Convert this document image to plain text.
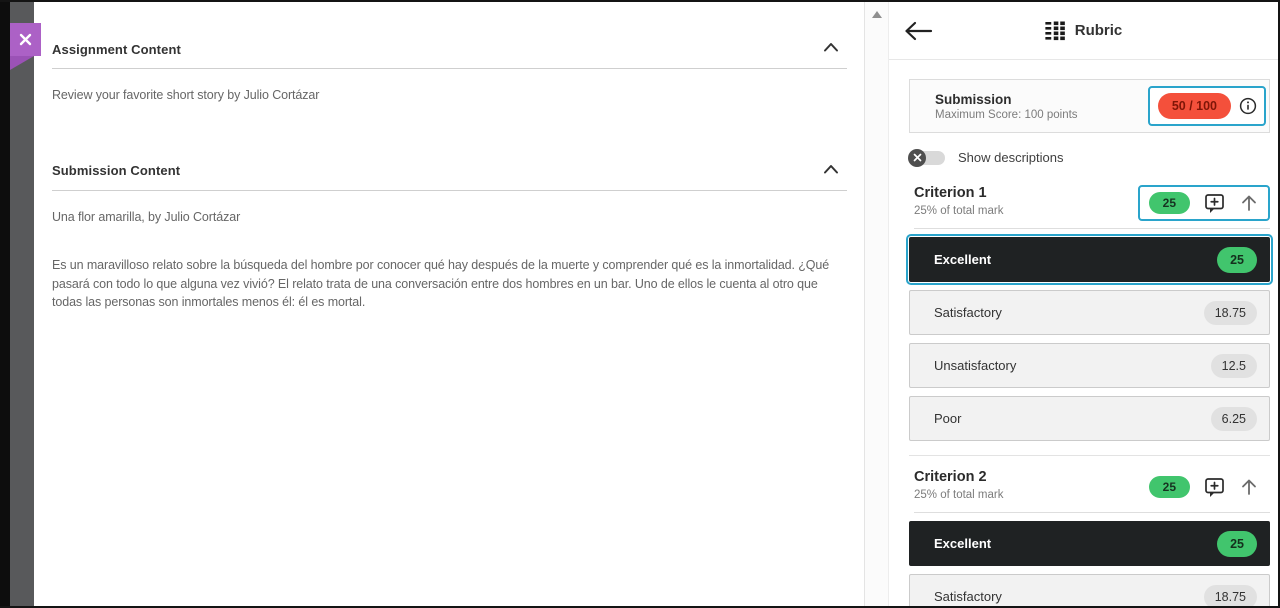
Assignment Content

Review your favorite short story by Julio Cortázar

Submission Content

Una flor amarilla, by Julio Cortázar

Es un maravilloso relato sobre la búsqueda del hombre por conocer qué hay después de la muerte y comprender qué es la inmortalidad. ¿Qué pasará con todo lo que alguna vez vivió? El relato trata de una conversación entre dos hombres en un bar. Uno de ellos le cuenta al otro que todas las personas son inmortales menos él: él es mortal.

Rubric
Submission
Maximum Score: 100 points
50 / 100
Show descriptions
Criterion 1
25% of total mark
25
Excellent	25
Satisfactory	18.75
Unsatisfactory	12.5
Poor	6.25
Criterion 2
25% of total mark
25
Excellent	25
Satisfactory	18.75
